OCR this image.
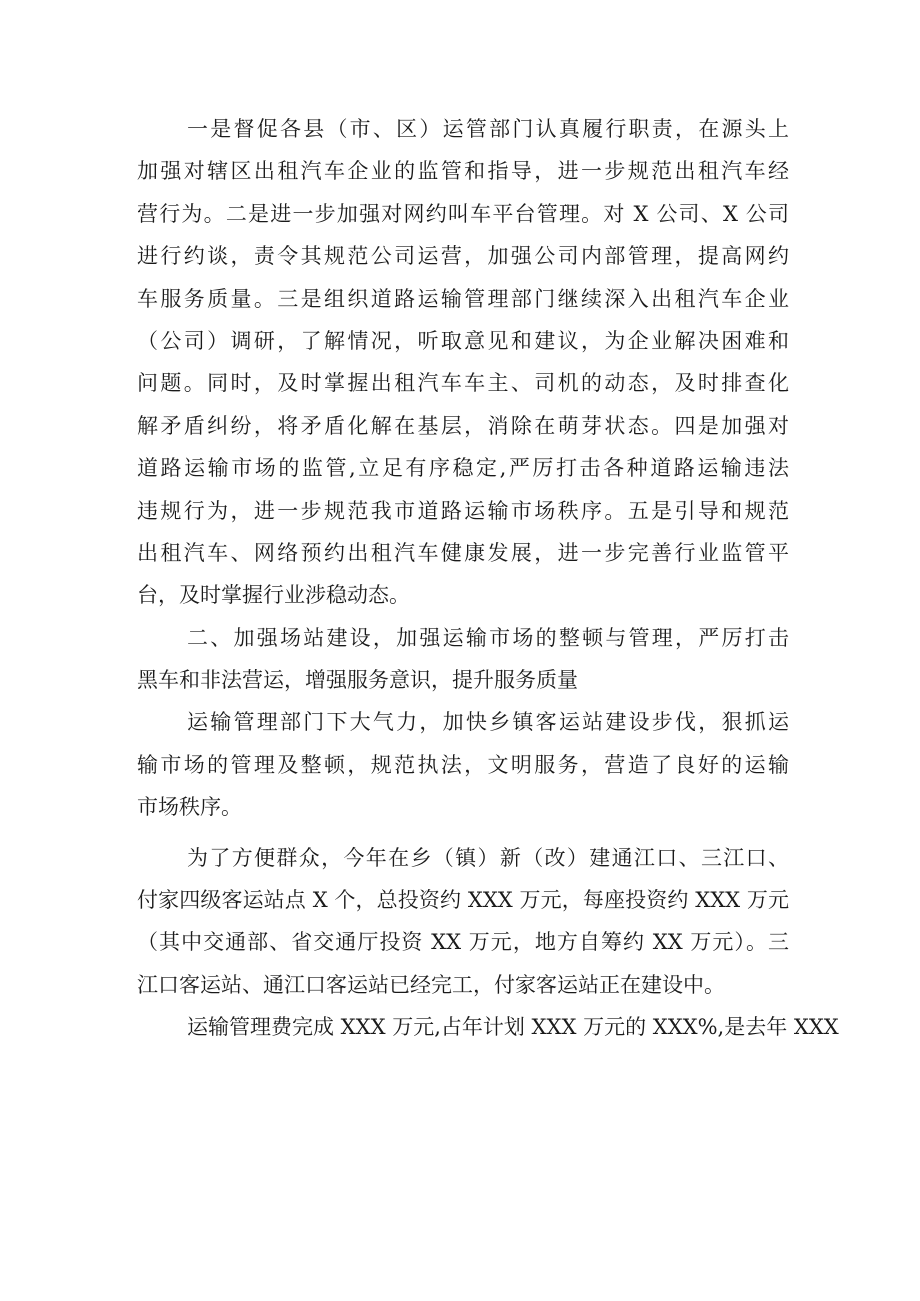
一是督促各县（市、区）运管部门认真履行职责，在源头上
加强对辖区出租汽车企业的监管和指导，进一步规范出租汽车经
营行为。二是进一步加强对网约叫车平台管理。对 X 公司、X 公司
进行约谈，责令其规范公司运营，加强公司内部管理，提高网约
车服务质量。三是组织道路运输管理部门继续深入出租汽车企业
（公司）调研，了解情况，听取意见和建议，为企业解决困难和
问题。同时，及时掌握出租汽车车主、司机的动态，及时排查化
解矛盾纠纷，将矛盾化解在基层，消除在萌芽状态。四是加强对
道路运输市场的监管,立足有序稳定,严厉打击各种道路运输违法
违规行为，进一步规范我市道路运输市场秩序。五是引导和规范
出租汽车、网络预约出租汽车健康发展，进一步完善行业监管平
台，及时掌握行业涉稳动态。
二、加强场站建设，加强运输市场的整顿与管理，严厉打击
黑车和非法营运，增强服务意识，提升服务质量
运输管理部门下大气力，加快乡镇客运站建设步伐，狠抓运
输市场的管理及整顿，规范执法，文明服务，营造了良好的运输
市场秩序。
为了方便群众，今年在乡（镇）新（改）建通江口、三江口、
付家四级客运站点 X 个，总投资约 XXX 万元，每座投资约 XXX 万元
（其中交通部、省交通厅投资 XX 万元，地方自筹约 XX 万元）。三
江口客运站、通江口客运站已经完工，付家客运站正在建设中。
运输管理费完成 XXX 万元,占年计划 XXX 万元的 XXX%,是去年 XXX
